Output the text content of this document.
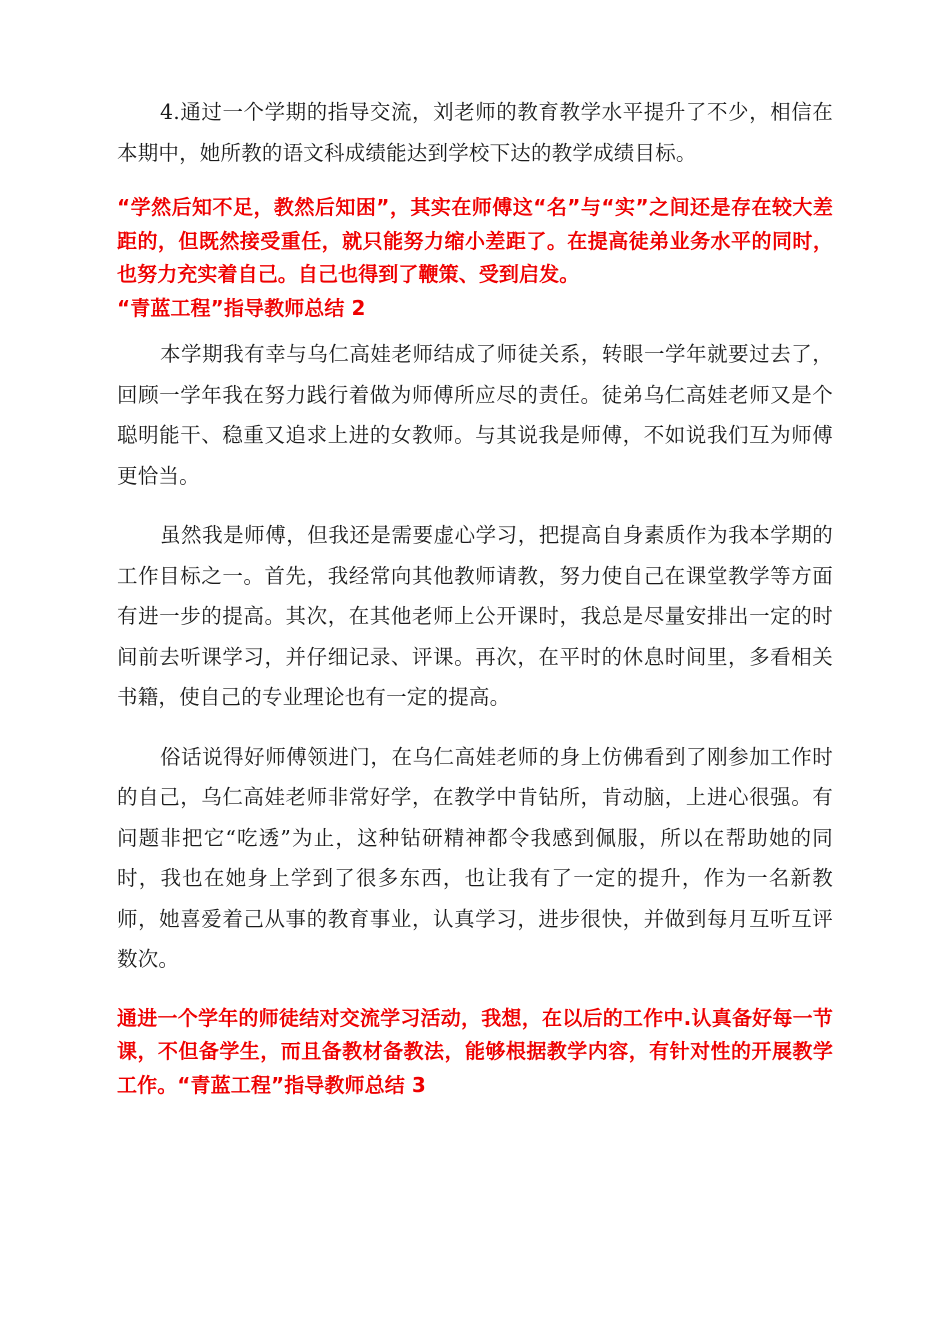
4.通过一个学期的指导交流，刘老师的教育教学水平提升了不少，相信在本期中，她所教的语文科成绩能达到学校下达的教学成绩目标。

“学然后知不足，教然后知困”，其实在师傅这“名”与“实”之间还是存在较大差距的，但既然接受重任，就只能努力缩小差距了。在提高徒弟业务水平的同时，也努力充实着自己。自己也得到了鞭策、受到启发。
“青蓝工程”指导教师总结 2

本学期我有幸与乌仁高娃老师结成了师徒关系，转眼一学年就要过去了，回顾一学年我在努力践行着做为师傅所应尽的责任。徒弟乌仁高娃老师又是个聪明能干、稳重又追求上进的女教师。与其说我是师傅，不如说我们互为师傅更恰当。

虽然我是师傅，但我还是需要虚心学习，把提高自身素质作为我本学期的工作目标之一。首先，我经常向其他教师请教，努力使自己在课堂教学等方面有进一步的提高。其次，在其他老师上公开课时，我总是尽量安排出一定的时间前去听课学习，并仔细记录、评课。再次，在平时的休息时间里，多看相关书籍，使自己的专业理论也有一定的提高。

俗话说得好师傅领进门，在乌仁高娃老师的身上仿佛看到了刚参加工作时的自己，乌仁高娃老师非常好学，在教学中肯钻所，肯动脑，上进心很强。有问题非把它“吃透”为止，这种钻研精神都令我感到佩服，所以在帮助她的同时，我也在她身上学到了很多东西，也让我有了一定的提升，作为一名新教师，她喜爱着己从事的教育事业，认真学习，进步很快，并做到每月互听互评数次。

通进一个学年的师徒结对交流学习活动，我想，在以后的工作中.认真备好每一节课，不但备学生，而且备教材备教法，能够根据教学内容，有针对性的开展教学工作。“青蓝工程”指导教师总结 3
